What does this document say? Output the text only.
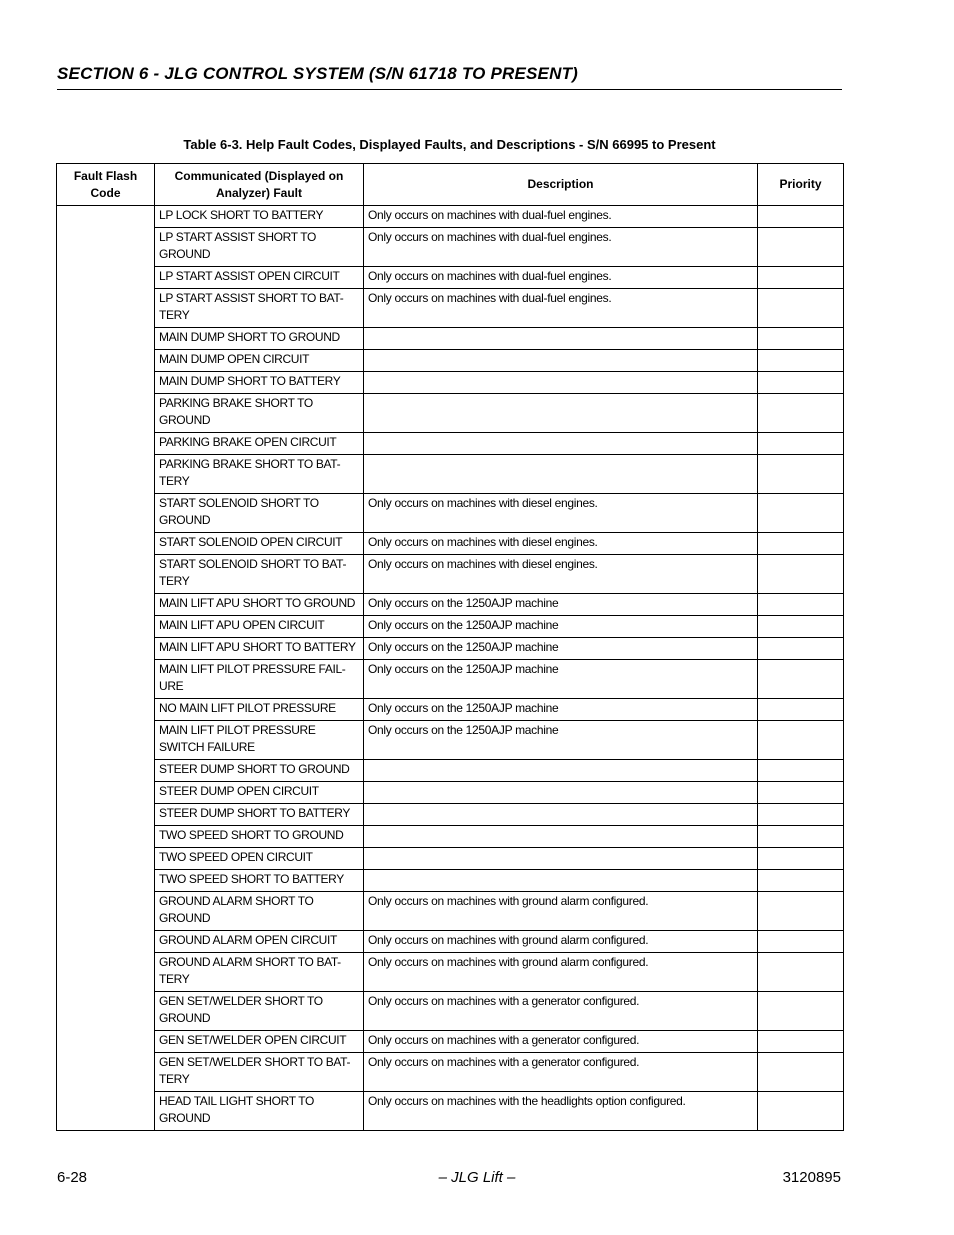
SECTION 6 - JLG CONTROL SYSTEM (S/N 61718 TO PRESENT)
Table 6-3. Help Fault Codes, Displayed Faults, and Descriptions - S/N 66995 to Present
Fault Flash Code	Communicated (Displayed on Analyzer) Fault	Description	Priority
	LP LOCK SHORT TO BATTERY	Only occurs on machines with dual-fuel engines.	
	LP START ASSIST SHORT TO GROUND	Only occurs on machines with dual-fuel engines.	
	LP START ASSIST OPEN CIRCUIT	Only occurs on machines with dual-fuel engines.	
	LP START ASSIST SHORT TO BAT-TERY	Only occurs on machines with dual-fuel engines.	
	MAIN DUMP SHORT TO GROUND		
	MAIN DUMP OPEN CIRCUIT		
	MAIN DUMP SHORT TO BATTERY		
	PARKING BRAKE SHORT TO GROUND		
	PARKING BRAKE OPEN CIRCUIT		
	PARKING BRAKE SHORT TO BAT-TERY		
	START SOLENOID SHORT TO GROUND	Only occurs on machines with diesel engines.	
	START SOLENOID OPEN CIRCUIT	Only occurs on machines with diesel engines.	
	START SOLENOID SHORT TO BAT-TERY	Only occurs on machines with diesel engines.	
	MAIN LIFT APU SHORT TO GROUND	Only occurs on the 1250AJP machine	
	MAIN LIFT APU OPEN CIRCUIT	Only occurs on the 1250AJP machine	
	MAIN LIFT APU SHORT TO BATTERY	Only occurs on the 1250AJP machine	
	MAIN LIFT PILOT PRESSURE FAIL-URE	Only occurs on the 1250AJP machine	
	NO MAIN LIFT PILOT PRESSURE	Only occurs on the 1250AJP machine	
	MAIN LIFT PILOT PRESSURE SWITCH FAILURE	Only occurs on the 1250AJP machine	
	STEER DUMP SHORT TO GROUND		
	STEER DUMP OPEN CIRCUIT		
	STEER DUMP SHORT TO BATTERY		
	TWO SPEED SHORT TO GROUND		
	TWO SPEED OPEN CIRCUIT		
	TWO SPEED SHORT TO BATTERY		
	GROUND ALARM SHORT TO GROUND	Only occurs on machines with ground alarm configured.	
	GROUND ALARM OPEN CIRCUIT	Only occurs on machines with ground alarm configured.	
	GROUND ALARM SHORT TO BAT-TERY	Only occurs on machines with ground alarm configured.	
	GEN SET/WELDER SHORT TO GROUND	Only occurs on machines with a generator configured.	
	GEN SET/WELDER OPEN CIRCUIT	Only occurs on machines with a generator configured.	
	GEN SET/WELDER SHORT TO BAT-TERY	Only occurs on machines with a generator configured.	
	HEAD TAIL LIGHT SHORT TO GROUND	Only occurs on machines with the headlights option configured.	
6-28	– JLG Lift –	3120895
